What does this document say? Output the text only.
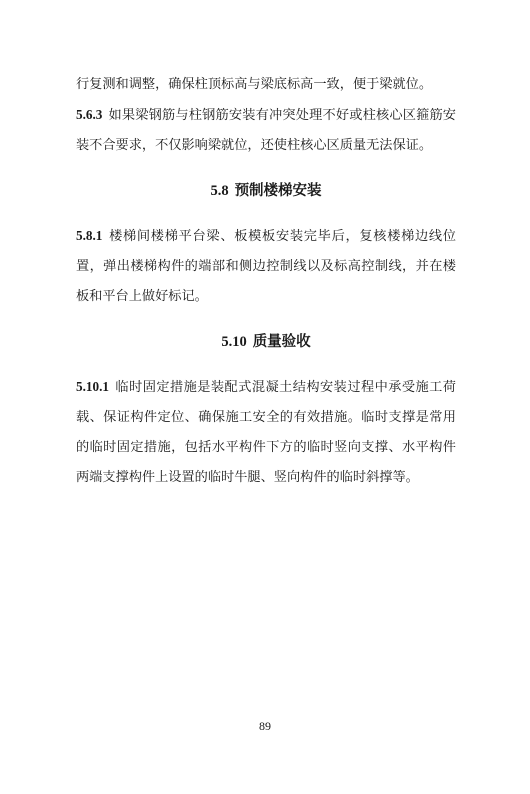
行复测和调整，确保柱顶标高与梁底标高一致，便于梁就位。

5.6.3 如果梁钢筋与柱钢筋安装有冲突处理不好或柱核心区箍筋安装不合要求，不仅影响梁就位，还使柱核心区质量无法保证。

5.8 预制楼梯安装

5.8.1 楼梯间楼梯平台梁、板模板安装完毕后，复核楼梯边线位置，弹出楼梯构件的端部和侧边控制线以及标高控制线，并在楼板和平台上做好标记。

5.10 质量验收

5.10.1 临时固定措施是装配式混凝土结构安装过程中承受施工荷载、保证构件定位、确保施工安全的有效措施。临时支撑是常用的临时固定措施，包括水平构件下方的临时竖向支撑、水平构件两端支撑构件上设置的临时牛腿、竖向构件的临时斜撑等。

89
